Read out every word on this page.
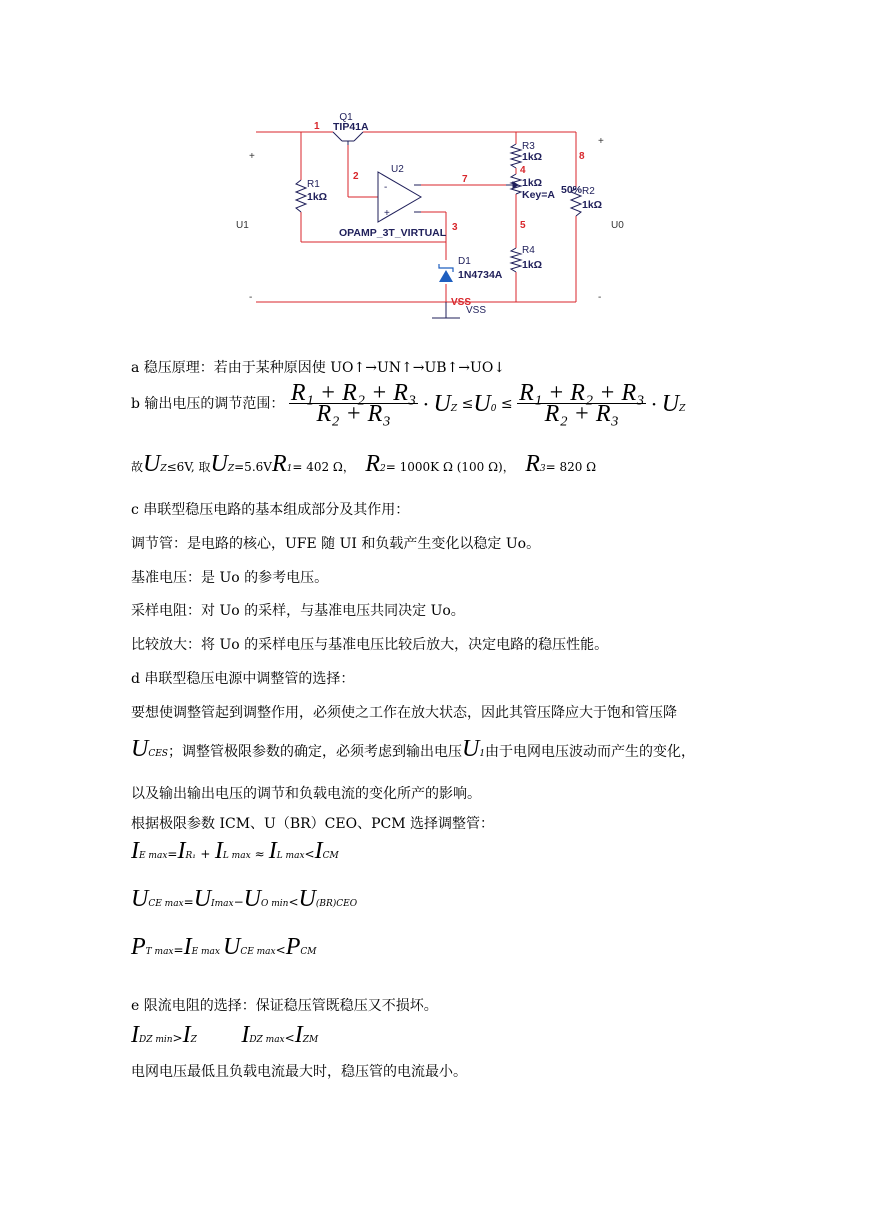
Q1
TIP41A
U2
OPAMP_3T_VIRTUAL
-
+
R1
1kΩ
R3
1kΩ
1kΩ
Key=A 50% R2
1kΩ
R4
1kΩ
D1
1N4734A
VSS
VSS
U1	U0
+
-
+
-
1
2
3
4
5
7
8
a 稳压原理：若由于某种原因使 UO↑→UN↑→UB↑→UO↓
b 输出电压的调节范围： $\frac{\text{R₁ + R₂ + R₃}}{\text{R₂ + R₃}}$ · UZ $\le U0 \le \frac{\text{R₁ + R₂ + R₃}}{\text{R₂ + R₃}}$ · UZ
故UZ≤6V, 取UZ=5.6VR1= 402 Ω， R2= 1000K Ω (100 Ω)， R3= 820 Ω
c 串联型稳压电路的基本组成部分及其作用：
调节管：是电路的核心，UFE 随 UI 和负载产生变化以稳定 Uo。
基准电压：是 Uo 的参考电压。
采样电阻：对 Uo 的采样，与基准电压共同决定 Uo。
比较放大：将 Uo 的采样电压与基准电压比较后放大，决定电路的稳压性能。
d 串联型稳压电源中调整管的选择：
要想使调整管起到调整作用，必须使之工作在放大状态，因此其管压降应大于饱和管压降
UCES；调整管极限参数的确定，必须考虑到输出电压U1由于电网电压波动而产生的变化，
以及输出输出电压的调节和负载电流的变化所产的影响。
根据极限参数 ICM、U（BR）CEO、PCM 选择调整管：
IE max=IR₁ + IL max ≈ IL max<ICM
UCE max=UImax−UO min<U(BR)CEO
PT max=IE max UCE max<PCM
e 限流电阻的选择：保证稳压管既稳压又不损坏。
IDZ min>IZ IDZ max<IZM
电网电压最低且负载电流最大时，稳压管的电流最小。
